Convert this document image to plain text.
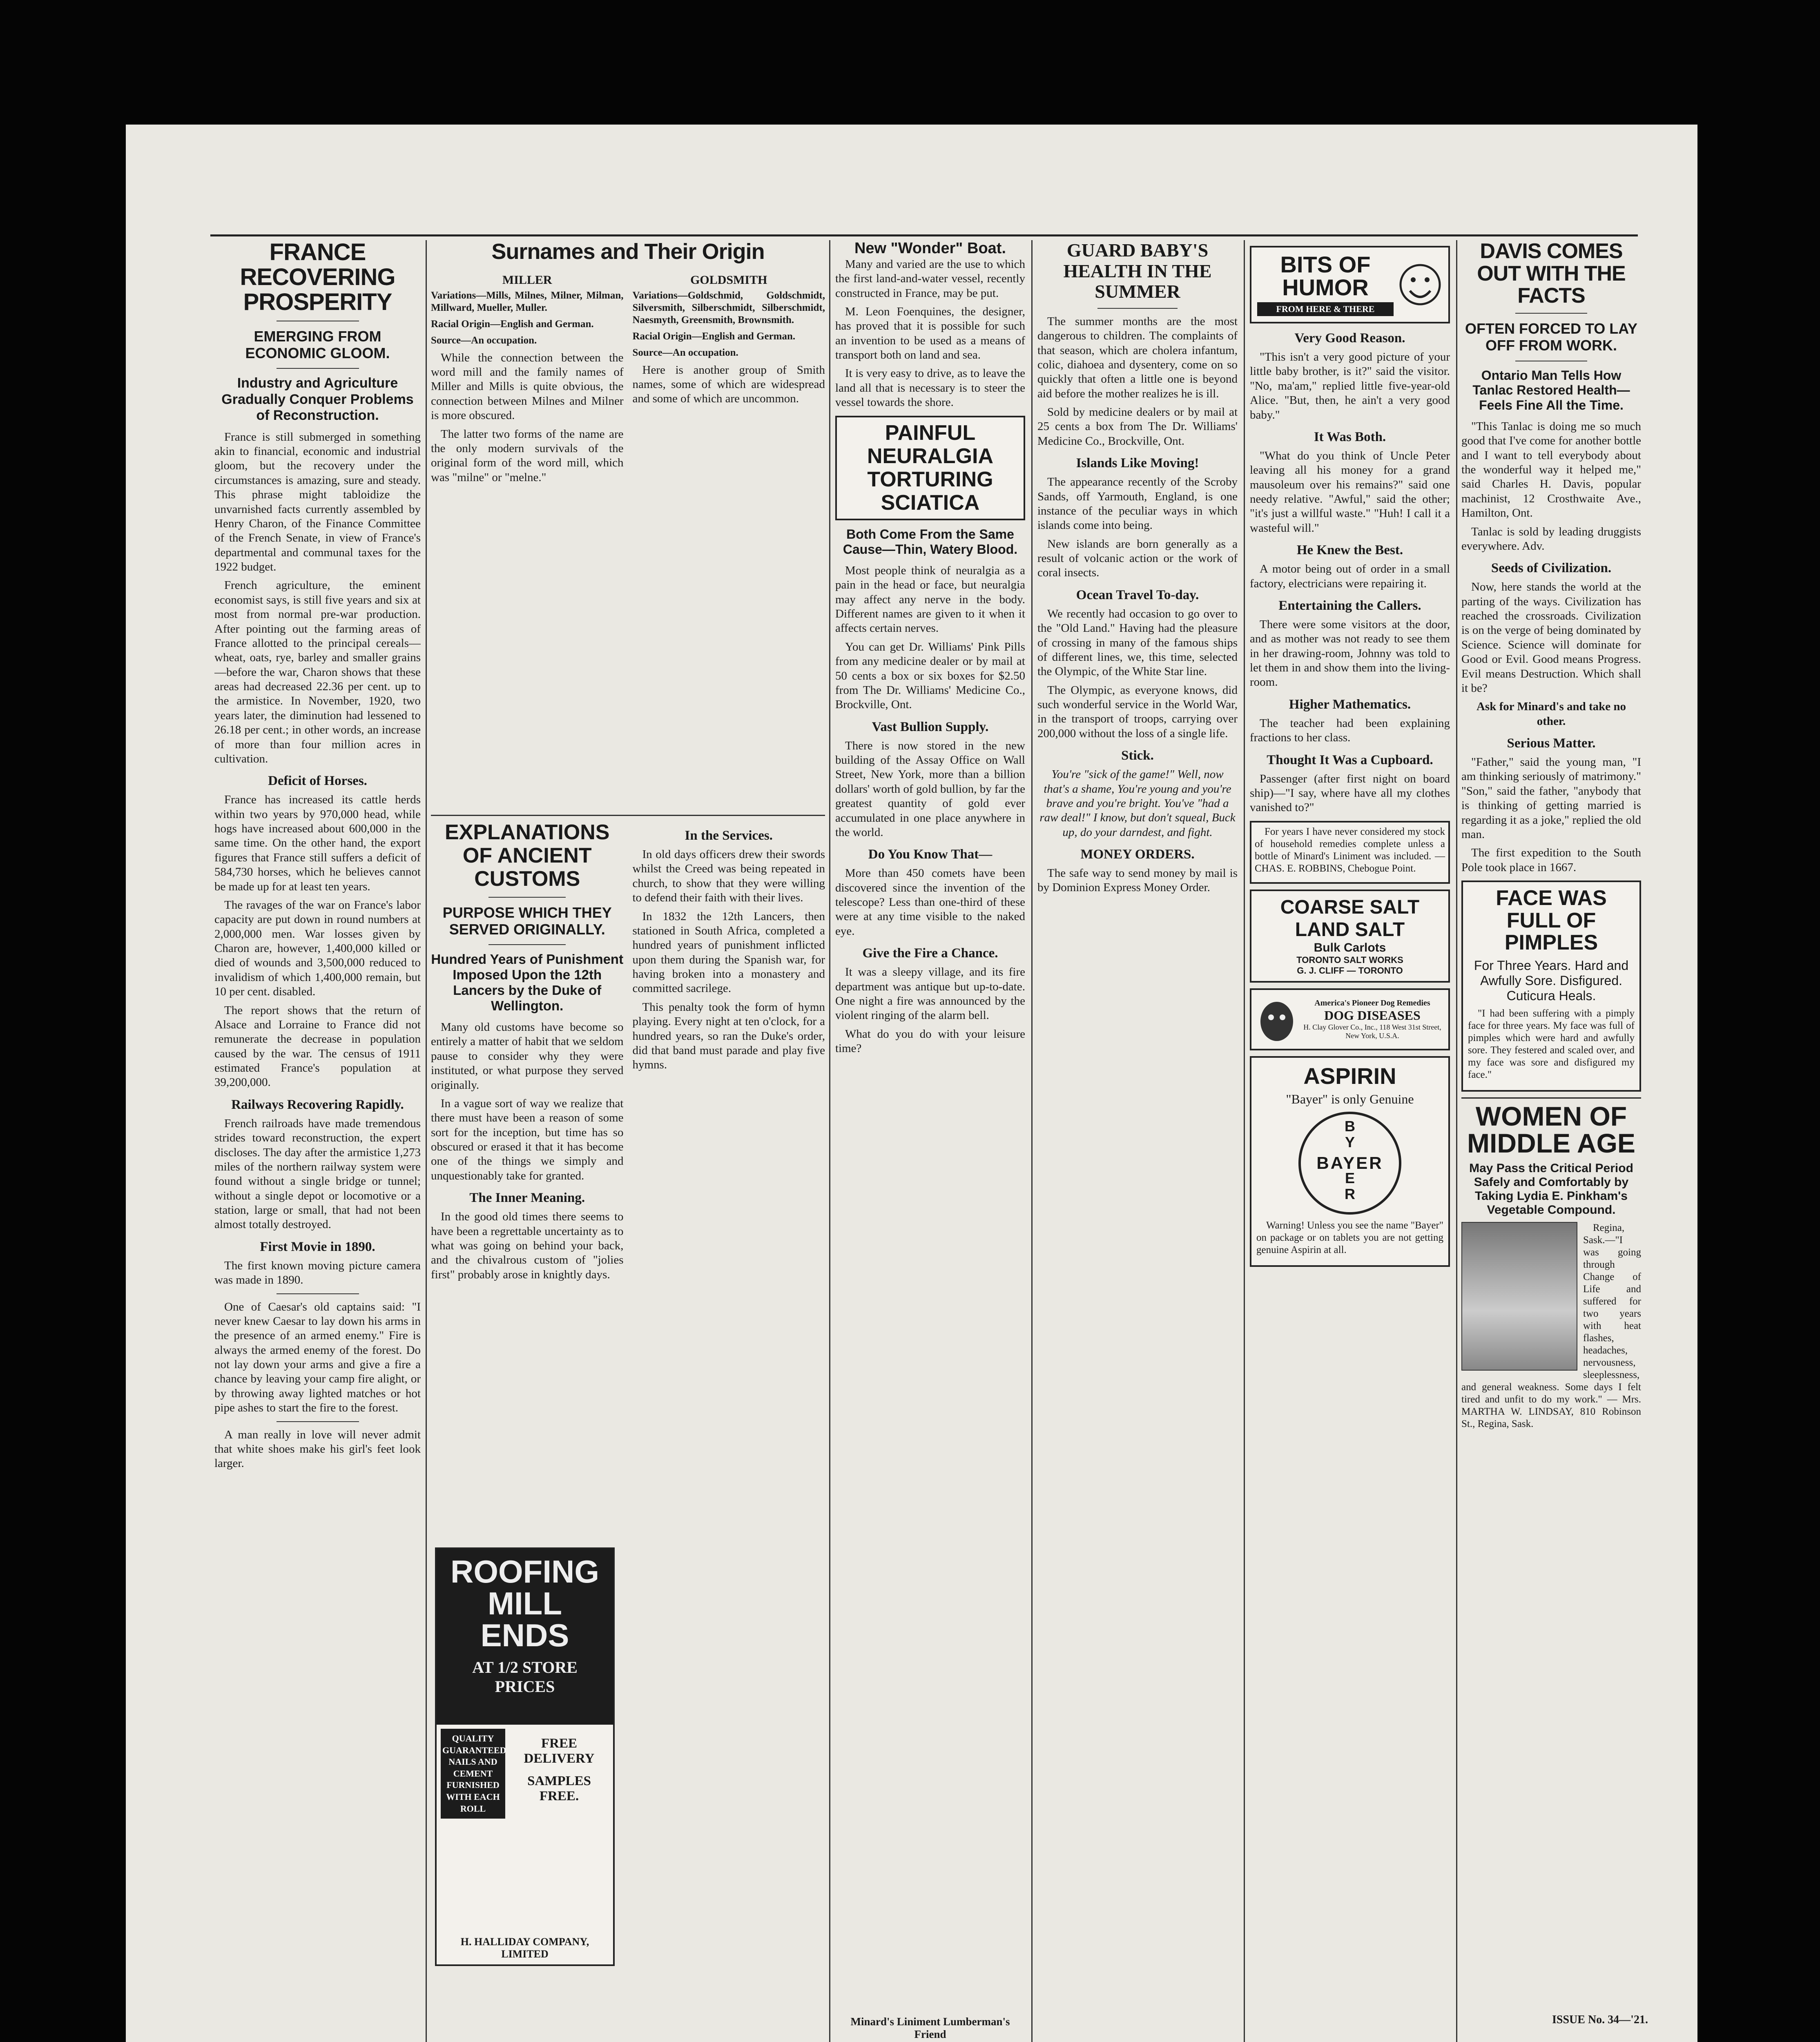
FRANCE RECOVERING PROSPERITY
EMERGING FROM ECONOMIC GLOOM.
Industry and Agriculture Gradually Conquer Problems of Reconstruction.

France is still submerged in something akin to financial, economic and industrial gloom, but the recovery under the circumstances is amazing, sure and steady. This phrase might tabloidize the unvarnished facts currently assembled by Henry Charon, of the Finance Committee of the French Senate, in view of France's departmental and communal taxes for the 1922 budget.

French agriculture, the eminent economist says, is still five years and six at most from normal pre-war production. After pointing out the farming areas of France allotted to the principal cereals—wheat, oats, rye, barley and smaller grains—before the war, Charon shows that these areas had decreased 22.36 per cent. up to the armistice. In November, 1920, two years later, the diminution had lessened to 26.18 per cent.; in other words, an increase of more than four million acres in cultivation.

Deficit of Horses.

France has increased its cattle herds within two years by 970,000 head, while hogs have increased about 600,000 in the same time. On the other hand, the export figures that France still suffers a deficit of 584,730 horses, which he believes cannot be made up for at least ten years.

The ravages of the war on France's labor capacity are put down in round numbers at 2,000,000 men. War losses given by Charon are, however, 1,400,000 killed or died of wounds and 3,500,000 reduced to invalidism of which 1,400,000 remain, but 10 per cent. disabled.

The report shows that the return of Alsace and Lorraine to France did not remunerate the decrease in population caused by the war. The census of 1911 estimated France's population at 39,200,000.

Railways Recovering Rapidly.

French railroads have made tremendous strides toward reconstruction, the expert discloses. The day after the armistice 1,273 miles of the northern railway system were found without a single bridge or tunnel; without a single depot or locomotive or a station, large or small, that had not been almost totally destroyed.

First Movie in 1890.

The first known moving picture camera was made in 1890.

One of Caesar's old captains said: "I never knew Caesar to lay down his arms in the presence of an armed enemy." Fire is always the armed enemy of the forest. Do not lay down your arms and give a fire a chance by leaving your camp fire alight, or by throwing away lighted matches or hot pipe ashes to start the fire to the forest.

A man really in love will never admit that white shoes make his girl's feet look larger.

Surnames and Their Origin
MILLER

Variations—Mills, Milnes, Milner, Milman, Millward, Mueller, Muller.

Racial Origin—English and German.

Source—An occupation.

While the connection between the word mill and the family names of Miller and Mills is quite obvious, the connection between Milnes and Milner is more obscured.

The latter two forms of the name are the only modern survivals of the original form of the word mill, which was "milne" or "melne."

GOLDSMITH

Variations—Goldschmid, Goldschmidt, Silversmith, Silberschmidt, Silberschmidt, Naesmyth, Greensmith, Brownsmith.

Racial Origin—English and German.

Source—An occupation.

Here is another group of Smith names, some of which are widespread and some of which are uncommon.

EXPLANATIONS OF ANCIENT CUSTOMS
PURPOSE WHICH THEY SERVED ORIGINALLY.
Hundred Years of Punishment Imposed Upon the 12th Lancers by the Duke of Wellington.

Many old customs have become so entirely a matter of habit that we seldom pause to consider why they were instituted, or what purpose they served originally.

In a vague sort of way we realize that there must have been a reason of some sort for the inception, but time has so obscured or erased it that it has become one of the things we simply and unquestionably take for granted.

The Inner Meaning.

In the good old times there seems to have been a regrettable uncertainty as to what was going on behind your back, and the chivalrous custom of "jolies first" probably arose in knightly days.

In the Services.

In old days officers drew their swords whilst the Creed was being repeated in church, to show that they were willing to defend their faith with their lives.

In 1832 the 12th Lancers, then stationed in South Africa, completed a hundred years of punishment inflicted upon them during the Spanish war, for having broken into a monastery and committed sacrilege.

This penalty took the form of hymn playing. Every night at ten o'clock, for a hundred years, so ran the Duke's order, did that band must parade and play five hymns.

ROOFING MILL ENDS
AT 1/2 STORE PRICES
QUALITY GUARANTEED NAILS AND CEMENT FURNISHED WITH EACH ROLL
FREE DELIVERY
SAMPLES FREE.
H. HALLIDAY COMPANY, LIMITED
New "Wonder" Boat.

Many and varied are the use to which the first land-and-water vessel, recently constructed in France, may be put.

M. Leon Foenquines, the designer, has proved that it is possible for such an invention to be used as a means of transport both on land and sea.

It is very easy to drive, as to leave the land all that is necessary is to steer the vessel towards the shore.

PAINFUL NEURALGIA TORTURING SCIATICA
Both Come From the Same Cause—Thin, Watery Blood.

Most people think of neuralgia as a pain in the head or face, but neuralgia may affect any nerve in the body. Different names are given to it when it affects certain nerves.

You can get Dr. Williams' Pink Pills from any medicine dealer or by mail at 50 cents a box or six boxes for $2.50 from The Dr. Williams' Medicine Co., Brockville, Ont.

Vast Bullion Supply.

There is now stored in the new building of the Assay Office on Wall Street, New York, more than a billion dollars' worth of gold bullion, by far the greatest quantity of gold ever accumulated in one place anywhere in the world.

Do You Know That—

More than 450 comets have been discovered since the invention of the telescope? Less than one-third of these were at any time visible to the naked eye.

Give the Fire a Chance.

It was a sleepy village, and its fire department was antique but up-to-date. One night a fire was announced by the violent ringing of the alarm bell.

What do you do with your leisure time?

Minard's Liniment Lumberman's Friend
GUARD BABY'S HEALTH IN THE SUMMER

The summer months are the most dangerous to children. The complaints of that season, which are cholera infantum, colic, diahoea and dysentery, come on so quickly that often a little one is beyond aid before the mother realizes he is ill.

Sold by medicine dealers or by mail at 25 cents a box from The Dr. Williams' Medicine Co., Brockville, Ont.

Islands Like Moving!

The appearance recently of the Scroby Sands, off Yarmouth, England, is one instance of the peculiar ways in which islands come into being.

New islands are born generally as a result of volcanic action or the work of coral insects.

Ocean Travel To-day.

We recently had occasion to go over to the "Old Land." Having had the pleasure of crossing in many of the famous ships of different lines, we, this time, selected the Olympic, of the White Star line.

The Olympic, as everyone knows, did such wonderful service in the World War, in the transport of troops, carrying over 200,000 without the loss of a single life.

Stick.

You're "sick of the game!" Well, now that's a shame, You're young and you're brave and you're bright. You've "had a raw deal!" I know, but don't squeal, Buck up, do your darndest, and fight.

MONEY ORDERS.

The safe way to send money by mail is by Dominion Express Money Order.

BITS OF HUMOR
FROM HERE & THERE
Very Good Reason.

"This isn't a very good picture of your little baby brother, is it?" said the visitor. "No, ma'am," replied little five-year-old Alice. "But, then, he ain't a very good baby."

It Was Both.

"What do you think of Uncle Peter leaving all his money for a grand mausoleum over his remains?" said one needy relative. "Awful," said the other; "it's just a willful waste." "Huh! I call it a wasteful will."

He Knew the Best.

A motor being out of order in a small factory, electricians were repairing it.

Entertaining the Callers.

There were some visitors at the door, and as mother was not ready to see them in her drawing-room, Johnny was told to let them in and show them into the living-room.

Higher Mathematics.

The teacher had been explaining fractions to her class.

Thought It Was a Cupboard.

Passenger (after first night on board ship)—"I say, where have all my clothes vanished to?"

For years I have never considered my stock of household remedies complete unless a bottle of Minard's Liniment was included. — CHAS. E. ROBBINS, Chebogue Point.

COARSE SALT
LAND SALT
Bulk Carlots
TORONTO SALT WORKS
G. J. CLIFF — TORONTO
America's Pioneer Dog Remedies
DOG DISEASES
H. Clay Glover Co., Inc., 118 West 31st Street, New York, U.S.A.
ASPIRIN
"Bayer" is only Genuine
BAYER
B
Y
E
R

Warning! Unless you see the name "Bayer" on package or on tablets you are not getting genuine Aspirin at all.

DAVIS COMES OUT WITH THE FACTS
OFTEN FORCED TO LAY OFF FROM WORK.
Ontario Man Tells How Tanlac Restored Health—Feels Fine All the Time.

"This Tanlac is doing me so much good that I've come for another bottle and I want to tell everybody about the wonderful way it helped me," said Charles H. Davis, popular machinist, 12 Crosthwaite Ave., Hamilton, Ont.

Tanlac is sold by leading druggists everywhere. Adv.

Seeds of Civilization.

Now, here stands the world at the parting of the ways. Civilization has reached the crossroads. Civilization is on the verge of being dominated by Science. Science will dominate for Good or Evil. Good means Progress. Evil means Destruction. Which shall it be?

Ask for Minard's and take no other.

Serious Matter.

"Father," said the young man, "I am thinking seriously of matrimony." "Son," said the father, "anybody that is thinking of getting married is regarding it as a joke," replied the old man.

The first expedition to the South Pole took place in 1667.

FACE WAS FULL OF PIMPLES
For Three Years. Hard and Awfully Sore. Disfigured. Cuticura Heals.

"I had been suffering with a pimply face for three years. My face was full of pimples which were hard and awfully sore. They festered and scaled over, and my face was sore and disfigured my face."

WOMEN OF
MIDDLE AGE
May Pass the Critical Period Safely and Comfortably by Taking Lydia E. Pinkham's Vegetable Compound.

Regina, Sask.—"I was going through Change of Life and suffered for two years with heat flashes, headaches, nervousness, sleeplessness, and general weakness. Some days I felt tired and unfit to do my work." — Mrs. MARTHA W. LINDSAY, 810 Robinson St., Regina, Sask.

ISSUE No. 34—'21.
